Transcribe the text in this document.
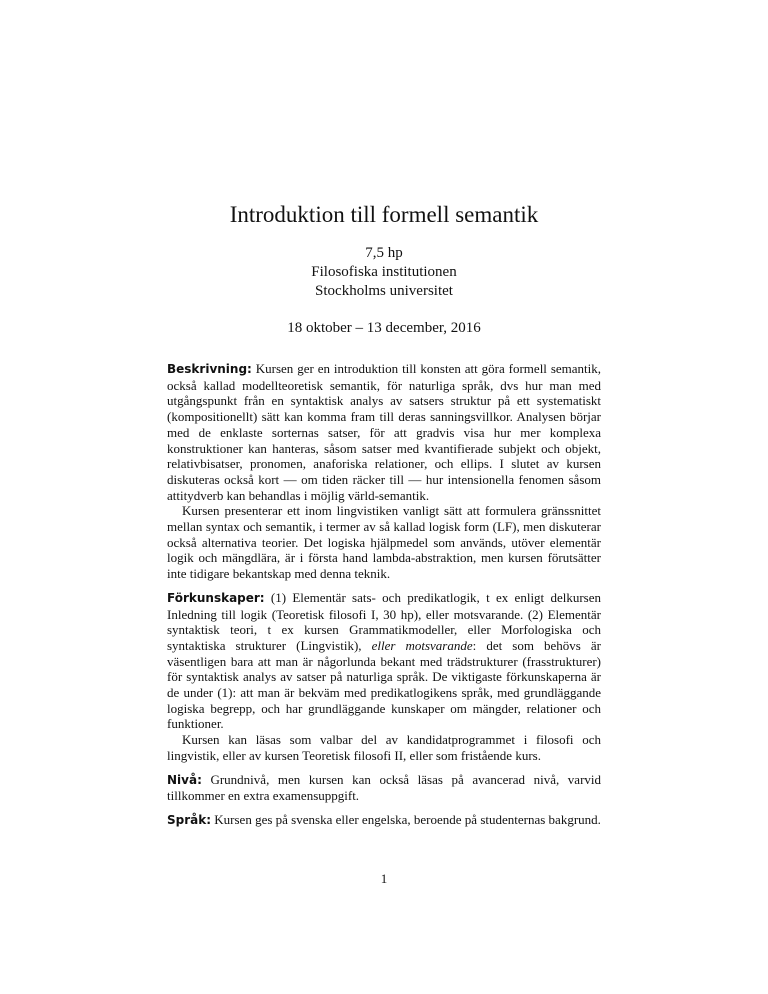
Introduktion till formell semantik
7,5 hp
Filosofiska institutionen
Stockholms universitet
18 oktober – 13 december, 2016

Beskrivning: Kursen ger en introduktion till konsten att göra formell semantik, också kallad modellteoretisk semantik, för naturliga språk, dvs hur man med utgångspunkt från en syntaktisk analys av satsers struktur på ett systematiskt (kompositionellt) sätt kan komma fram till deras sanningsvillkor. Analysen börjar med de enklaste sorternas satser, för att gradvis visa hur mer komplexa konstruktioner kan hanteras, såsom satser med kvantifierade subjekt och objekt, relativbisatser, pronomen, anaforiska relationer, och ellips. I slutet av kursen diskuteras också kort — om tiden räcker till — hur intensionella fenomen såsom attitydverb kan behandlas i möjlig värld-semantik.

Kursen presenterar ett inom lingvistiken vanligt sätt att formulera gränssnittet mellan syntax och semantik, i termer av så kallad logisk form (LF), men diskuterar också alternativa teorier. Det logiska hjälpmedel som används, utöver elementär logik och mängdlära, är i första hand lambda-abstraktion, men kursen förutsätter inte tidigare bekantskap med denna teknik.

Förkunskaper: (1) Elementär sats- och predikatlogik, t ex enligt delkursen Inledning till logik (Teoretisk filosofi I, 30 hp), eller motsvarande. (2) Elementär syntaktisk teori, t ex kursen Grammatikmodeller, eller Morfologiska och syntaktiska strukturer (Lingvistik), eller motsvarande: det som behövs är väsentligen bara att man är någorlunda bekant med trädstrukturer (frasstrukturer) för syntaktisk analys av satser på naturliga språk. De viktigaste förkunskaperna är de under (1): att man är bekväm med predikatlogikens språk, med grundläggande logiska begrepp, och har grundläggande kunskaper om mängder, relationer och funktioner.

Kursen kan läsas som valbar del av kandidatprogrammet i filosofi och lingvistik, eller av kursen Teoretisk filosofi II, eller som fristående kurs.

Nivå: Grundnivå, men kursen kan också läsas på avancerad nivå, varvid tillkommer en extra examensuppgift.

Språk: Kursen ges på svenska eller engelska, beroende på studenternas bakgrund.

1
